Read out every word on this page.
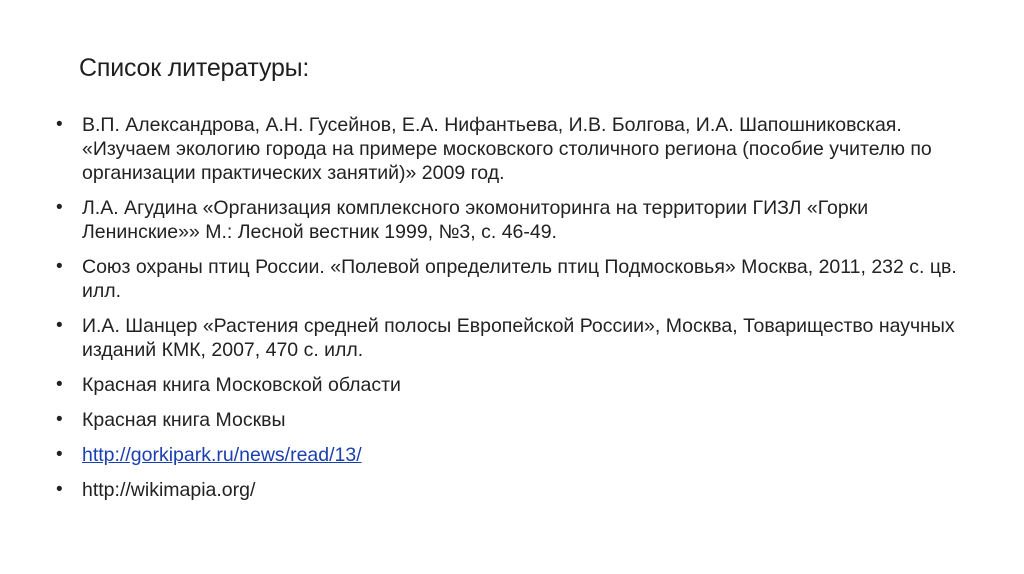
Список литературы:
• В.П. Александрова, А.Н. Гусейнов, Е.А. Нифантьева, И.В. Болгова, И.А. Шапошниковская. «Изучаем экологию города на примере московского столичного региона (пособие учителю по организации практических занятий)» 2009 год.
• Л.А. Агудина «Организация комплексного экомониторинга на территории ГИЗЛ «Горки Ленинские»» М.: Лесной вестник 1999, №3, с. 46-49.
• Союз охраны птиц России. «Полевой определитель птиц Подмосковья» Москва, 2011, 232 с. цв. илл.
• И.А. Шанцер «Растения средней полосы Европейской России», Москва, Товарищество научных изданий КМК, 2007, 470 с. илл.
• Красная книга Московской области
• Красная книга Москвы
• http://gorkipark.ru/news/read/13/
• http://wikimapia.org/
